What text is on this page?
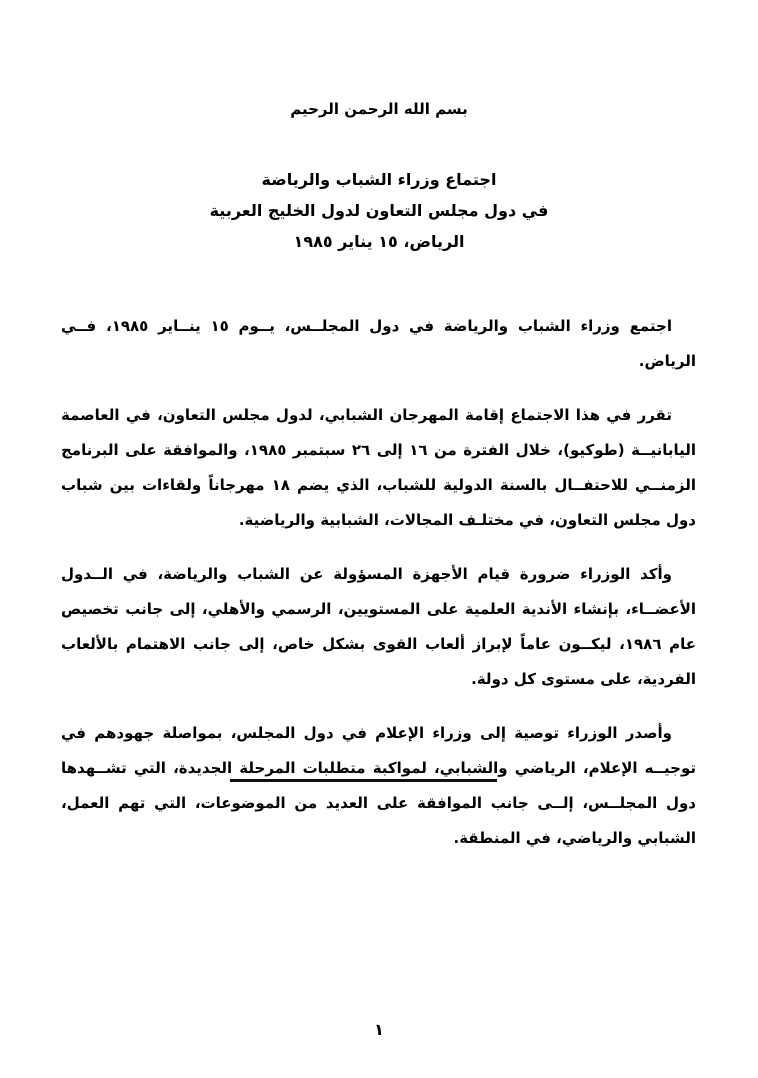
بسم الله الرحمن الرحيم
اجتماع وزراء الشباب والرياضة
في دول مجلس التعاون لدول الخليج العربية
الرياض، ١٥ يناير ١٩٨٥

اجتمع وزراء الشباب والرياضة في دول المجلــس، يــوم ١٥ ينــاير ١٩٨٥، فــي الرياض.

تقرر في هذا الاجتماع إقامة المهرجان الشبابي، لدول مجلس التعاون، في العاصمة اليابانيــة (طوكيو)، خلال الفترة من ١٦ إلى ٢٦ سبتمبر ١٩٨٥، والموافقة على البرنامج الزمنــي للاحتفــال بالسنة الدولية للشباب، الذي يضم ١٨ مهرجاناً ولقاءات بين شباب دول مجلس التعاون، في مختلـف المجالات، الشبابية والرياضية.

وأكد الوزراء ضرورة قيام الأجهزة المسؤولة عن الشباب والرياضة، في الــدول الأعضــاء، بإنشاء الأندية العلمية على المستويين، الرسمي والأهلي، إلى جانب تخصيص عام ١٩٨٦، ليكــون عاماً لإبراز ألعاب القوى بشكل خاص، إلى جانب الاهتمام بالألعاب الفردية، على مستوى كل دولة.

وأصدر الوزراء توصية إلى وزراء الإعلام في دول المجلس، بمواصلة جهودهم في توجيــه الإعلام، الرياضي والشبابي، لمواكبة متطلبات المرحلة الجديدة، التي تشــهدها دول المجلــس، إلــى جانب الموافقة على العديد من الموضوعات، التي تهم العمل، الشبابي والرياضي، في المنطقة.

١
